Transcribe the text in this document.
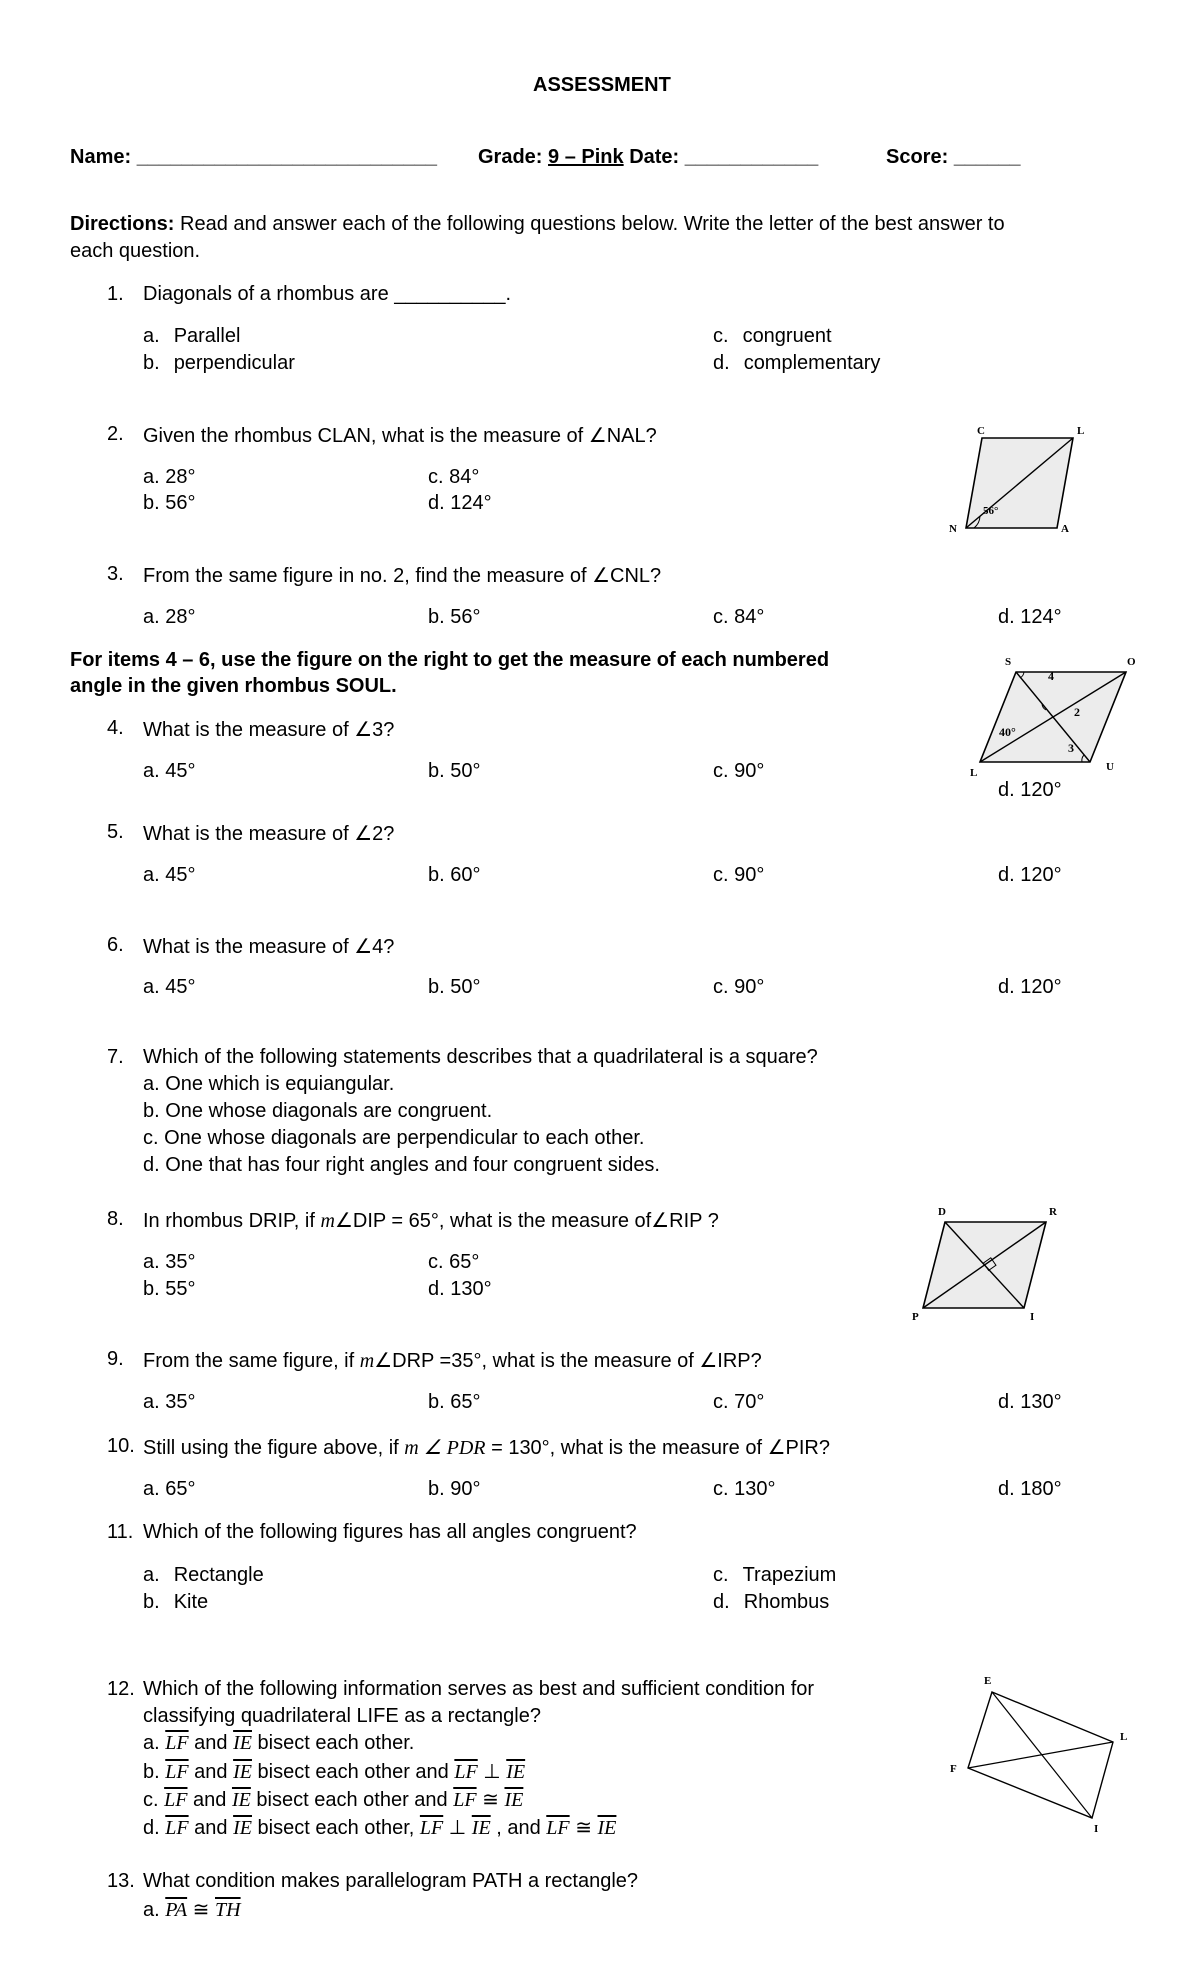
ASSESSMENT
Name: ___________________________ Grade: 9 – Pink Date: ____________	Score: ______
Directions: Read and answer each of the following questions below. Write the letter of the best answer to
each question.
1. Diagonals of a rhombus are __________.
a. Parallel
b. perpendicular
c. congruent
d. complementary
2. Given the rhombus CLAN, what is the measure of ∠NAL?
a. 28°
b. 56°
c. 84°
d. 124°
C	L
N	A
56°
3. From the same figure in no. 2, find the measure of ∠CNL?
a. 28°	b. 56°	c. 84°	d. 124°
For items 4 – 6, use the figure on the right to get the measure of each numbered
angle in the given rhombus SOUL.
S	O
L	U
4
2
3
40°
4. What is the measure of ∠3?
a. 45°	b. 50°	c. 90°
d. 120°
5. What is the measure of ∠2?
a. 45°	b. 60°	c. 90°	d. 120°
6. What is the measure of ∠4?
a. 45°	b. 50°	c. 90°	d. 120°
7. Which of the following statements describes that a quadrilateral is a square?
a. One which is equiangular.
b. One whose diagonals are congruent.
c. One whose diagonals are perpendicular to each other.
d. One that has four right angles and four congruent sides.
8. In rhombus DRIP, if m∠DIP = 65°, what is the measure of∠RIP ?
a. 35°
b. 55°
c. 65°
d. 130°
D	R
P	I
9. From the same figure, if m∠DRP =35°, what is the measure of ∠IRP?
a. 35°	b. 65°	c. 70°	d. 130°
10. Still using the figure above, if m ∠ PDR = 130°, what is the measure of ∠PIR?
a. 65°	b. 90°	c. 130°	d. 180°
11. Which of the following figures has all angles congruent?
a. Rectangle
b. Kite
c. Trapezium
d. Rhombus
12. Which of the following information serves as best and sufficient condition for
classifying quadrilateral LIFE as a rectangle?
a. $\overline{LF}$ and $\overline{IE}$ bisect each other.
b. $\overline{LF}$ and $\overline{IE}$ bisect each other and $\overline{LF}$ ⊥ $\overline{IE}$
c. $\overline{LF}$ and $\overline{IE}$ bisect each other and $\overline{LF}$ ≅ $\overline{IE}$
d. $\overline{LF}$ and $\overline{IE}$ bisect each other, $\overline{LF}$ ⊥ $\overline{IE}$ , and $\overline{LF}$ ≅ $\overline{IE}$
E
L
F
I
13. What condition makes parallelogram PATH a rectangle?
a. $\overline{PA}$ ≅ $\overline{TH}$
